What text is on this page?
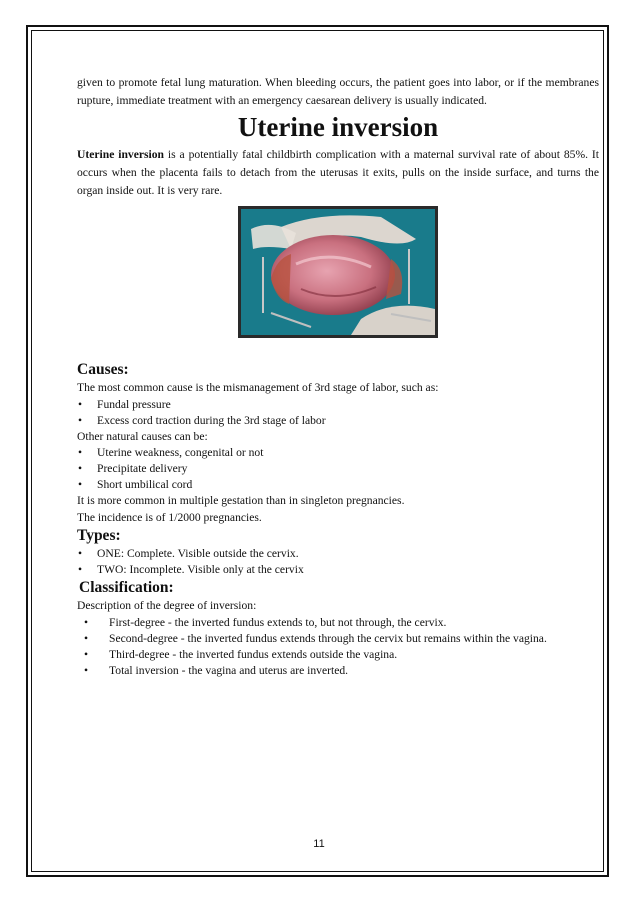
given to promote fetal lung maturation. When bleeding occurs, the patient goes into labor, or if the membranes rupture, immediate treatment with an emergency caesarean delivery is usually indicated.

Uterine inversion

Uterine inversion is a potentially fatal childbirth complication with a maternal survival rate of about 85%. It occurs when the placenta fails to detach from the uterusas it exits, pulls on the inside surface, and turns the organ inside out. It is very rare.

Causes:

The most common cause is the mismanagement of 3rd stage of labor, such as:

• Fundal pressure
• Excess cord traction during the 3rd stage of labor

Other natural causes can be:

• Uterine weakness, congenital or not
• Precipitate delivery
• Short umbilical cord

It is more common in multiple gestation than in singleton pregnancies.

The incidence is of 1/2000 pregnancies.

Types:
• ONE: Complete. Visible outside the cervix.
• TWO: Incomplete. Visible only at the cervix
Classification:

Description of the degree of inversion:

• First-degree - the inverted fundus extends to, but not through, the cervix.
• Second-degree - the inverted fundus extends through the cervix but remains within the vagina.
• Third-degree - the inverted fundus extends outside the vagina.
• Total inversion - the vagina and uterus are inverted.
11
